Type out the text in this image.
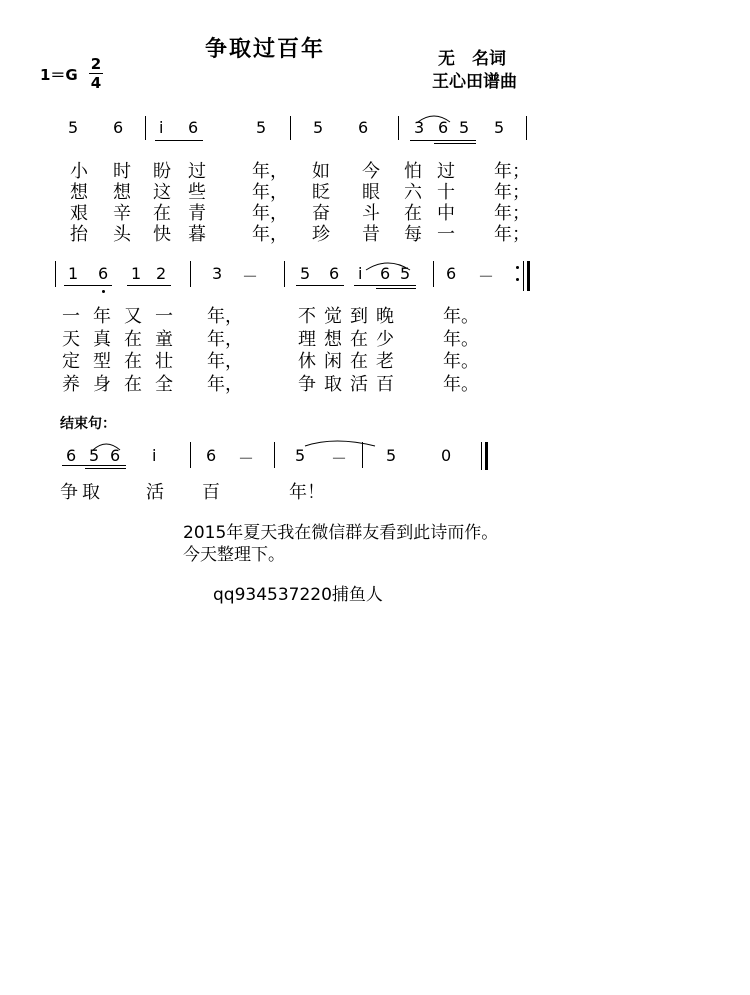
争取过百年	无　名词
王心田谱曲
1＝G
2
4
5 6 i 6	5	5 6	3 6 5 5
小 时 盼 过	年， 如 今 怕 过 年；
想 想 这 些	年， 眨 眼 六 十 年；
艰 辛 在 青	年， 奋 斗 在 中 年；
抬 头 快 暮	年， 珍 昔 每 一 年；
1 6 1 2	3 －	5 6 i 6 5 6 －
一 年 又 一 年，	不 觉 到 晚	年。
天 真 在 童 年，	理 想 在 少	年。
定 型 在 壮 年，	休 闲 在 老	年。
养 身 在 全 年，	争 取 活 百	年。
结束句：
6 5 6 i	6 －	5 － 5	0
争 取	活 百	年！
2015年夏天我在微信群友看到此诗而作。
今天整理下。
qq934537220捕鱼人
